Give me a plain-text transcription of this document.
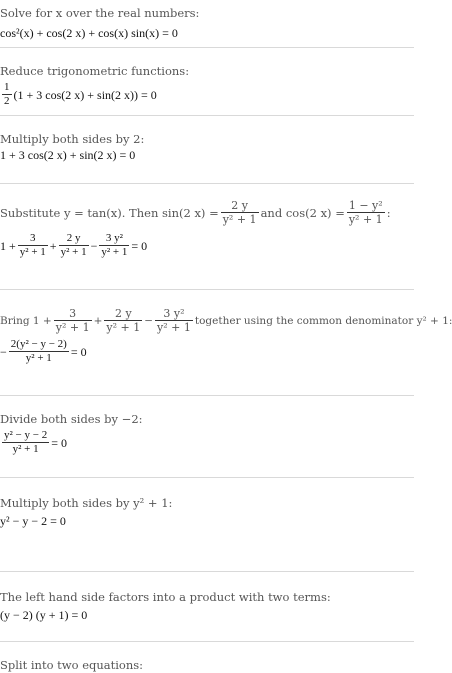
Solve for x over the real numbers:
cos²(x) + cos(2 x) + cos(x) sin(x) = 0
Reduce trigonometric functions:
$\frac{1}{2} (1 + 3$ cos(2 x) + sin(2 x)) = 0
Multiply both sides by 2:
1 + 3 cos(2 x) + sin(2 x) = 0
Substitute y = tan(x). Then sin(2 $x) = \frac{2 y}{\text{y² + 1}}$ and cos(2 $x) = \frac{\text{1 − y²}}{\text{y² + 1}}$ :
$1 + \frac{3}{\text{y² + 1}} + \frac{2 y}{\text{y² + 1}} - \frac{\text{3 y²}}{\text{y² + 1}} = 0$
Bring $1 + \frac{3}{\text{y² + 1}} + \frac{2 y}{\text{y² + 1}} - \frac{\text{3 y²}}{\text{y² + 1}}$ together using the common denominator y² + 1:
− $\frac{\text{2(y² − y − 2)}}{\text{y² + 1}} = 0$
Divide both sides by −2:
$\frac{\text{y² − y − 2}}{\text{y² + 1}} = 0$
Multiply both sides by y² + 1:
y² − y − 2 = 0
The left hand side factors into a product with two terms:
(y − 2) (y + 1) = 0
Split into two equations:
